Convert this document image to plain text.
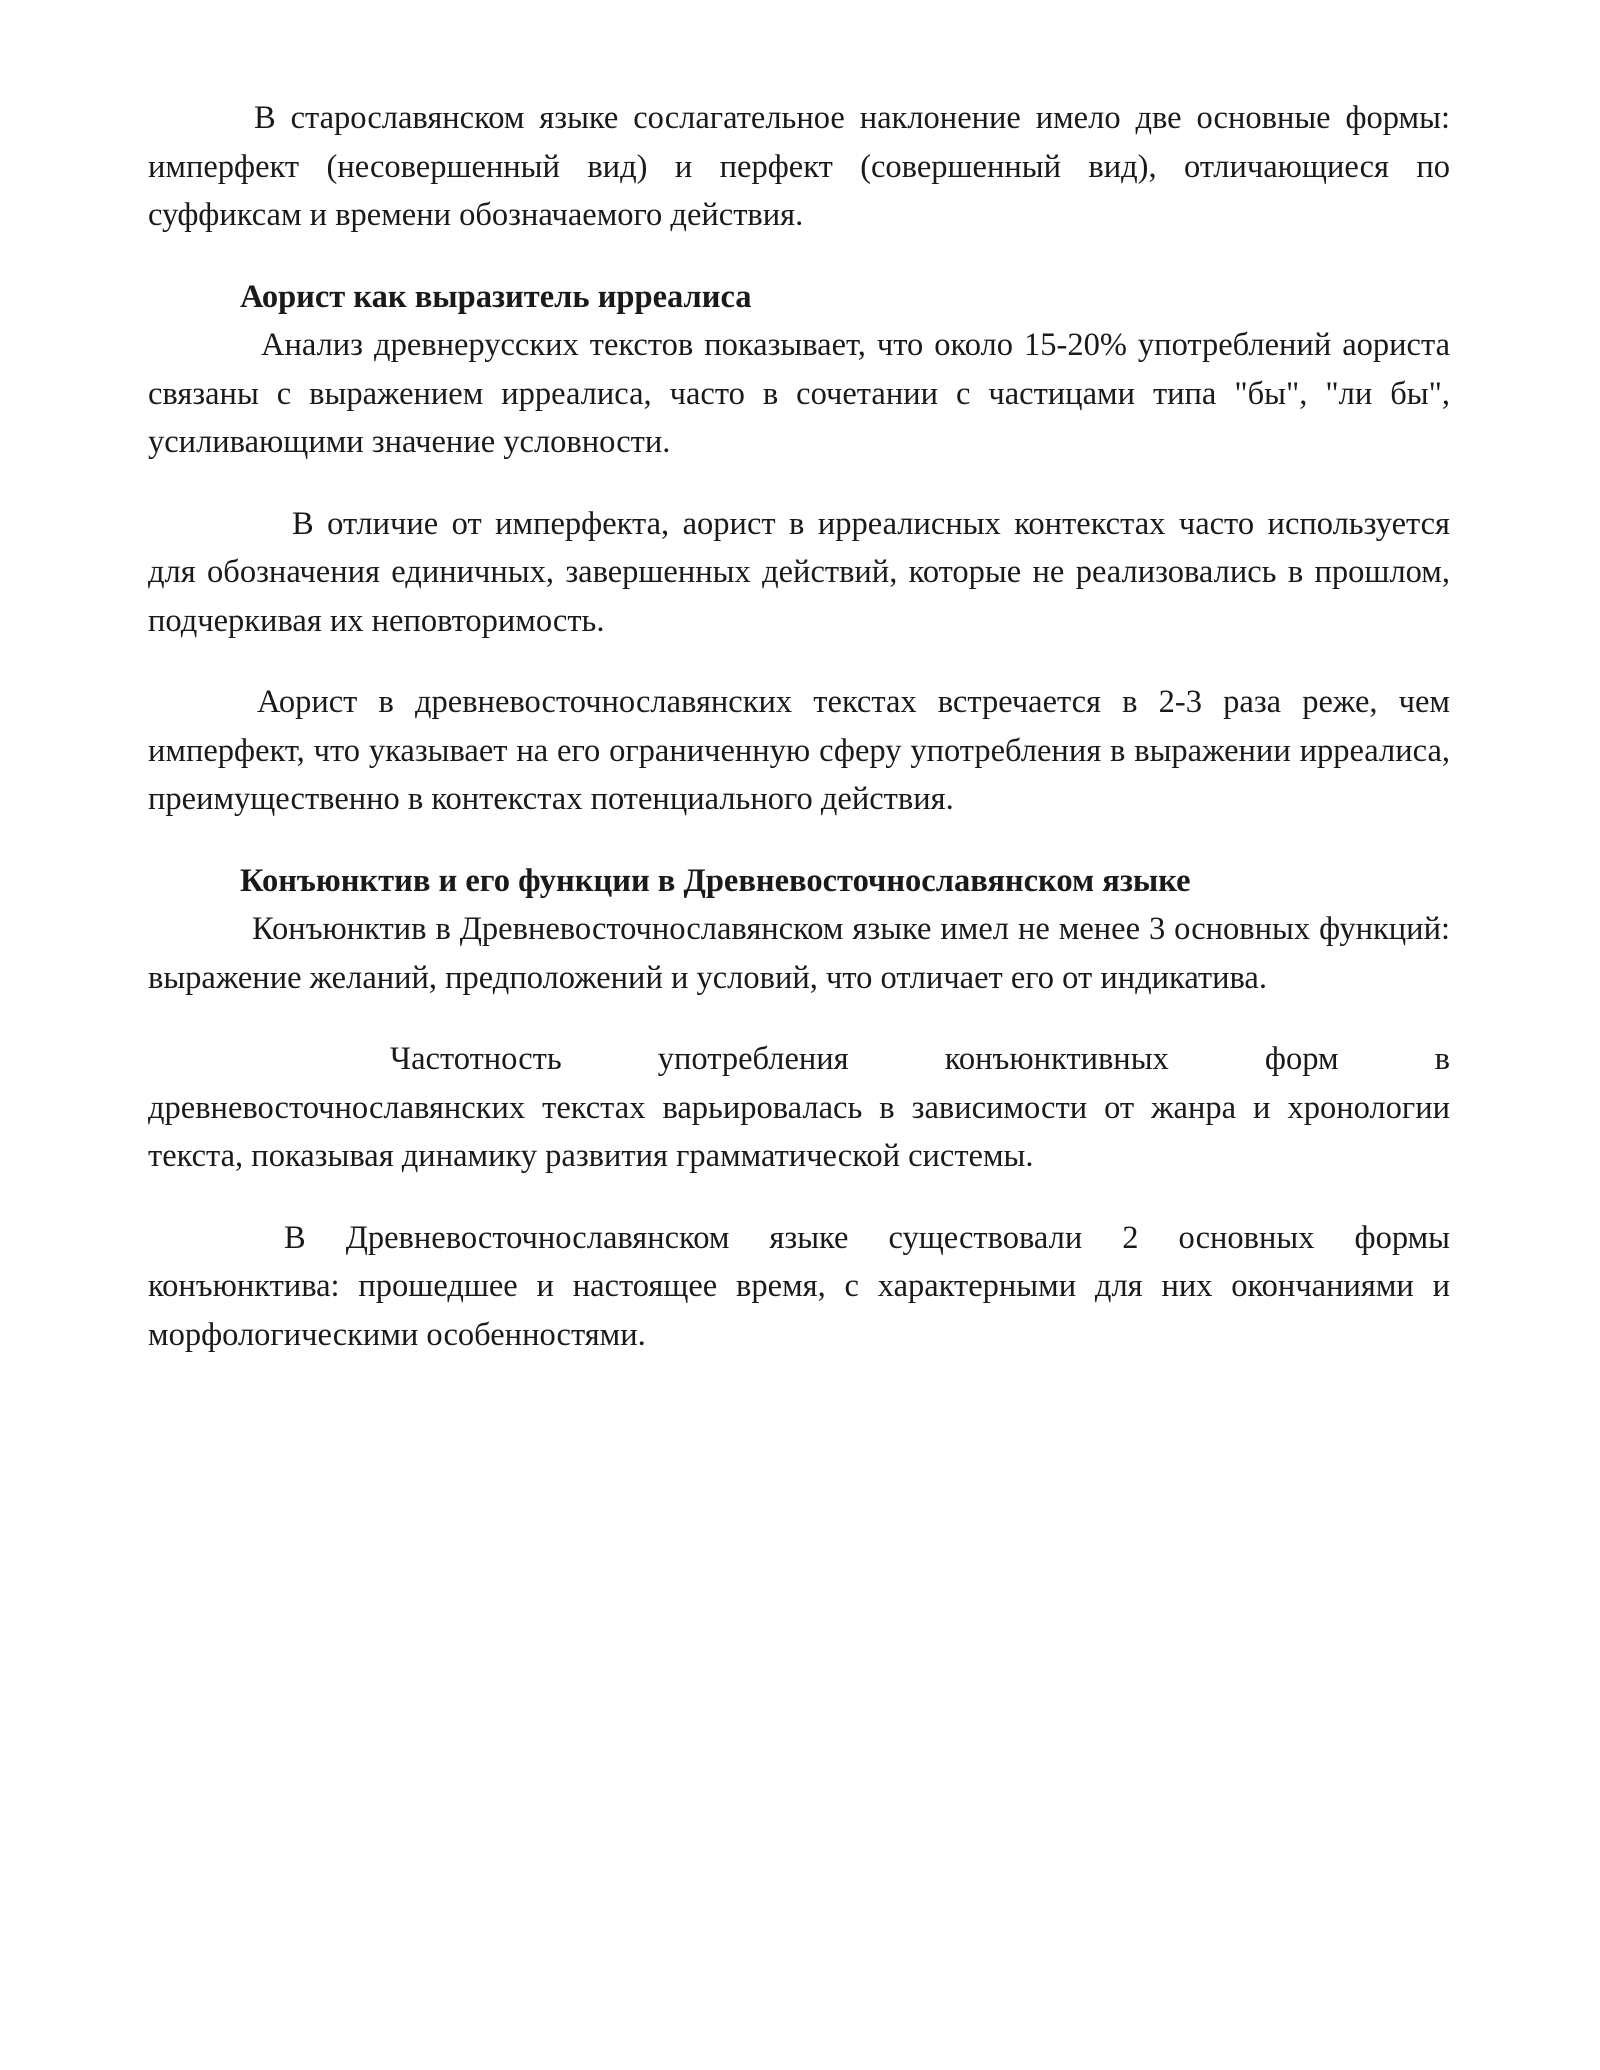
В старославянском языке сослагательное наклонение имело две основные формы: имперфект (несовершенный вид) и перфект (совершенный вид), отличающиеся по суффиксам и времени обозначаемого действия.

Аорист как выразитель ирреалиса

Анализ древнерусских текстов показывает, что около 15-20% употреблений аориста связаны с выражением ирреалиса, часто в сочетании с частицами типа "бы", "ли бы", усиливающими значение условности.

В отличие от имперфекта, аорист в ирреалисных контекстах часто используется для обозначения единичных, завершенных действий, которые не реализовались в прошлом, подчеркивая их неповторимость.

Аорист в древневосточнославянских текстах встречается в 2-3 раза реже, чем имперфект, что указывает на его ограниченную сферу употребления в выражении ирреалиса, преимущественно в контекстах потенциального действия.

Конъюнктив и его функции в Древневосточнославянском языке

Конъюнктив в Древневосточнославянском языке имел не менее 3 основных функций: выражение желаний, предположений и условий, что отличает его от индикатива.

Частотность употребления конъюнктивных форм в древневосточнославянских текстах варьировалась в зависимости от жанра и хронологии текста, показывая динамику развития грамматической системы.

В Древневосточнославянском языке существовали 2 основных формы конъюнктива: прошедшее и настоящее время, с характерными для них окончаниями и морфологическими особенностями.
